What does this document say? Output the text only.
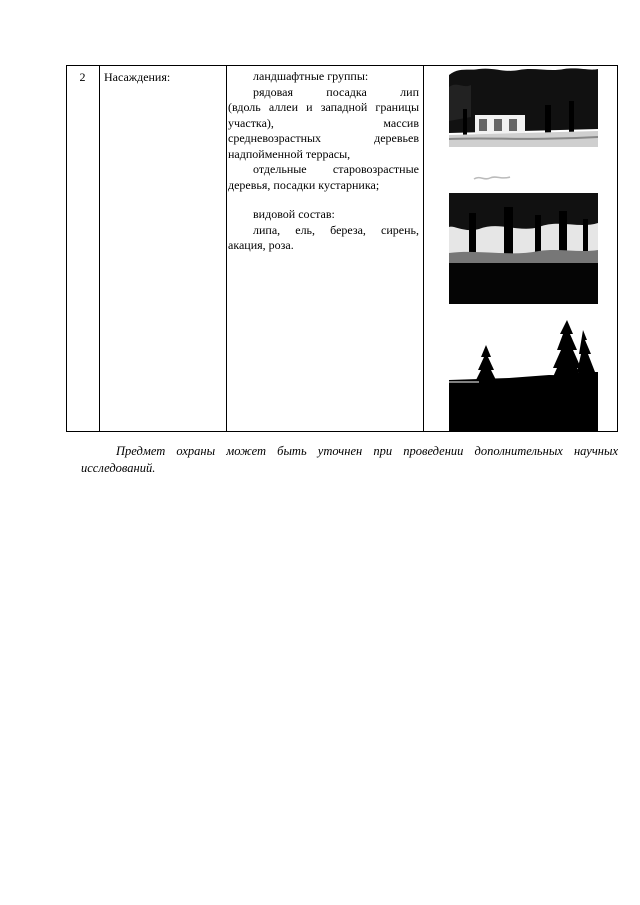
2	Насаждения:	ландшафтные группы:
рядовая посадка лип
(вдоль аллеи и западной границы
участка), массив
средневозрастных деревьев
надпойменной террасы,
отдельные старовозрастные
деревья, посадки кустарника;
видовой состав:
липа, ель, береза, сирень,
акация, роза.
Предмет охраны может быть уточнен при проведении дополнительных научных исследований.
